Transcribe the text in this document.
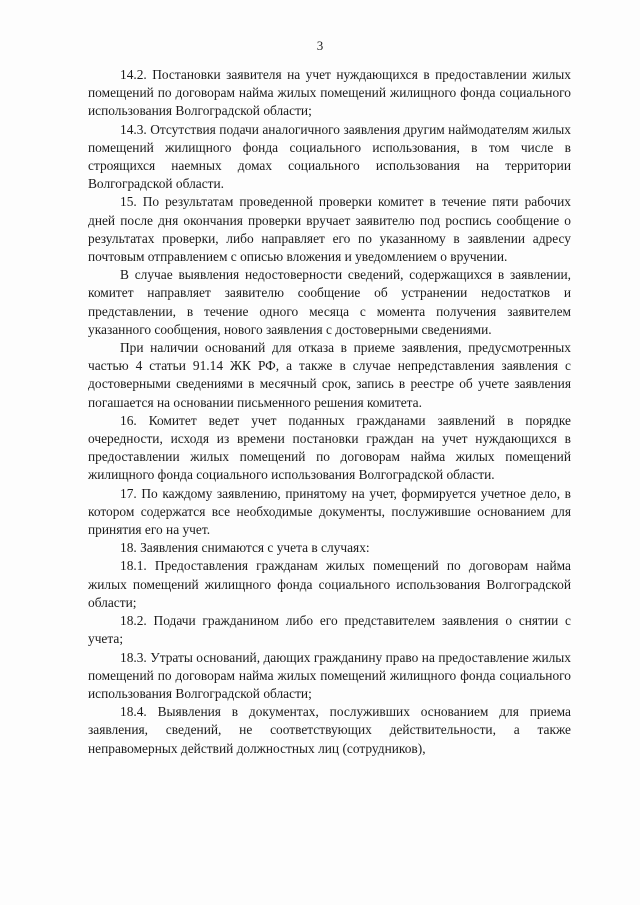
3

14.2. Постановки заявителя на учет нуждающихся в предоставлении жилых помещений по договорам найма жилых помещений жилищного фонда социального использования Волгоградской области;

14.3. Отсутствия подачи аналогичного заявления другим наймодателям жилых помещений жилищного фонда социального использования, в том числе в строящихся наемных домах социального использования на территории Волгоградской области.

15. По результатам проведенной проверки комитет в течение пяти рабочих дней после дня окончания проверки вручает заявителю под роспись сообщение о результатах проверки, либо направляет его по указанному в заявлении адресу почтовым отправлением с описью вложения и уведомлением о вручении.

В случае выявления недостоверности сведений, содержащихся в заявлении, комитет направляет заявителю сообщение об устранении недостатков и представлении, в течение одного месяца с момента получения заявителем указанного сообщения, нового заявления с достоверными сведениями.

При наличии оснований для отказа в приеме заявления, предусмотренных частью 4 статьи 91.14 ЖК РФ, а также в случае непредставления заявления с достоверными сведениями в месячный срок, запись в реестре об учете заявления погашается на основании письменного решения комитета.

16. Комитет ведет учет поданных гражданами заявлений в порядке очередности, исходя из времени постановки граждан на учет нуждающихся в предоставлении жилых помещений по договорам найма жилых помещений жилищного фонда социального использования Волгоградской области.

17. По каждому заявлению, принятому на учет, формируется учетное дело, в котором содержатся все необходимые документы, послужившие основанием для принятия его на учет.

18. Заявления снимаются с учета в случаях:

18.1. Предоставления гражданам жилых помещений по договорам найма жилых помещений жилищного фонда социального использования Волгоградской области;

18.2. Подачи гражданином либо его представителем заявления о снятии с учета;

18.3. Утраты оснований, дающих гражданину право на предоставление жилых помещений по договорам найма жилых помещений жилищного фонда социального использования Волгоградской области;

18.4. Выявления в документах, послуживших основанием для приема заявления, сведений, не соответствующих действительности, а также неправомерных действий должностных лиц (сотрудников),
